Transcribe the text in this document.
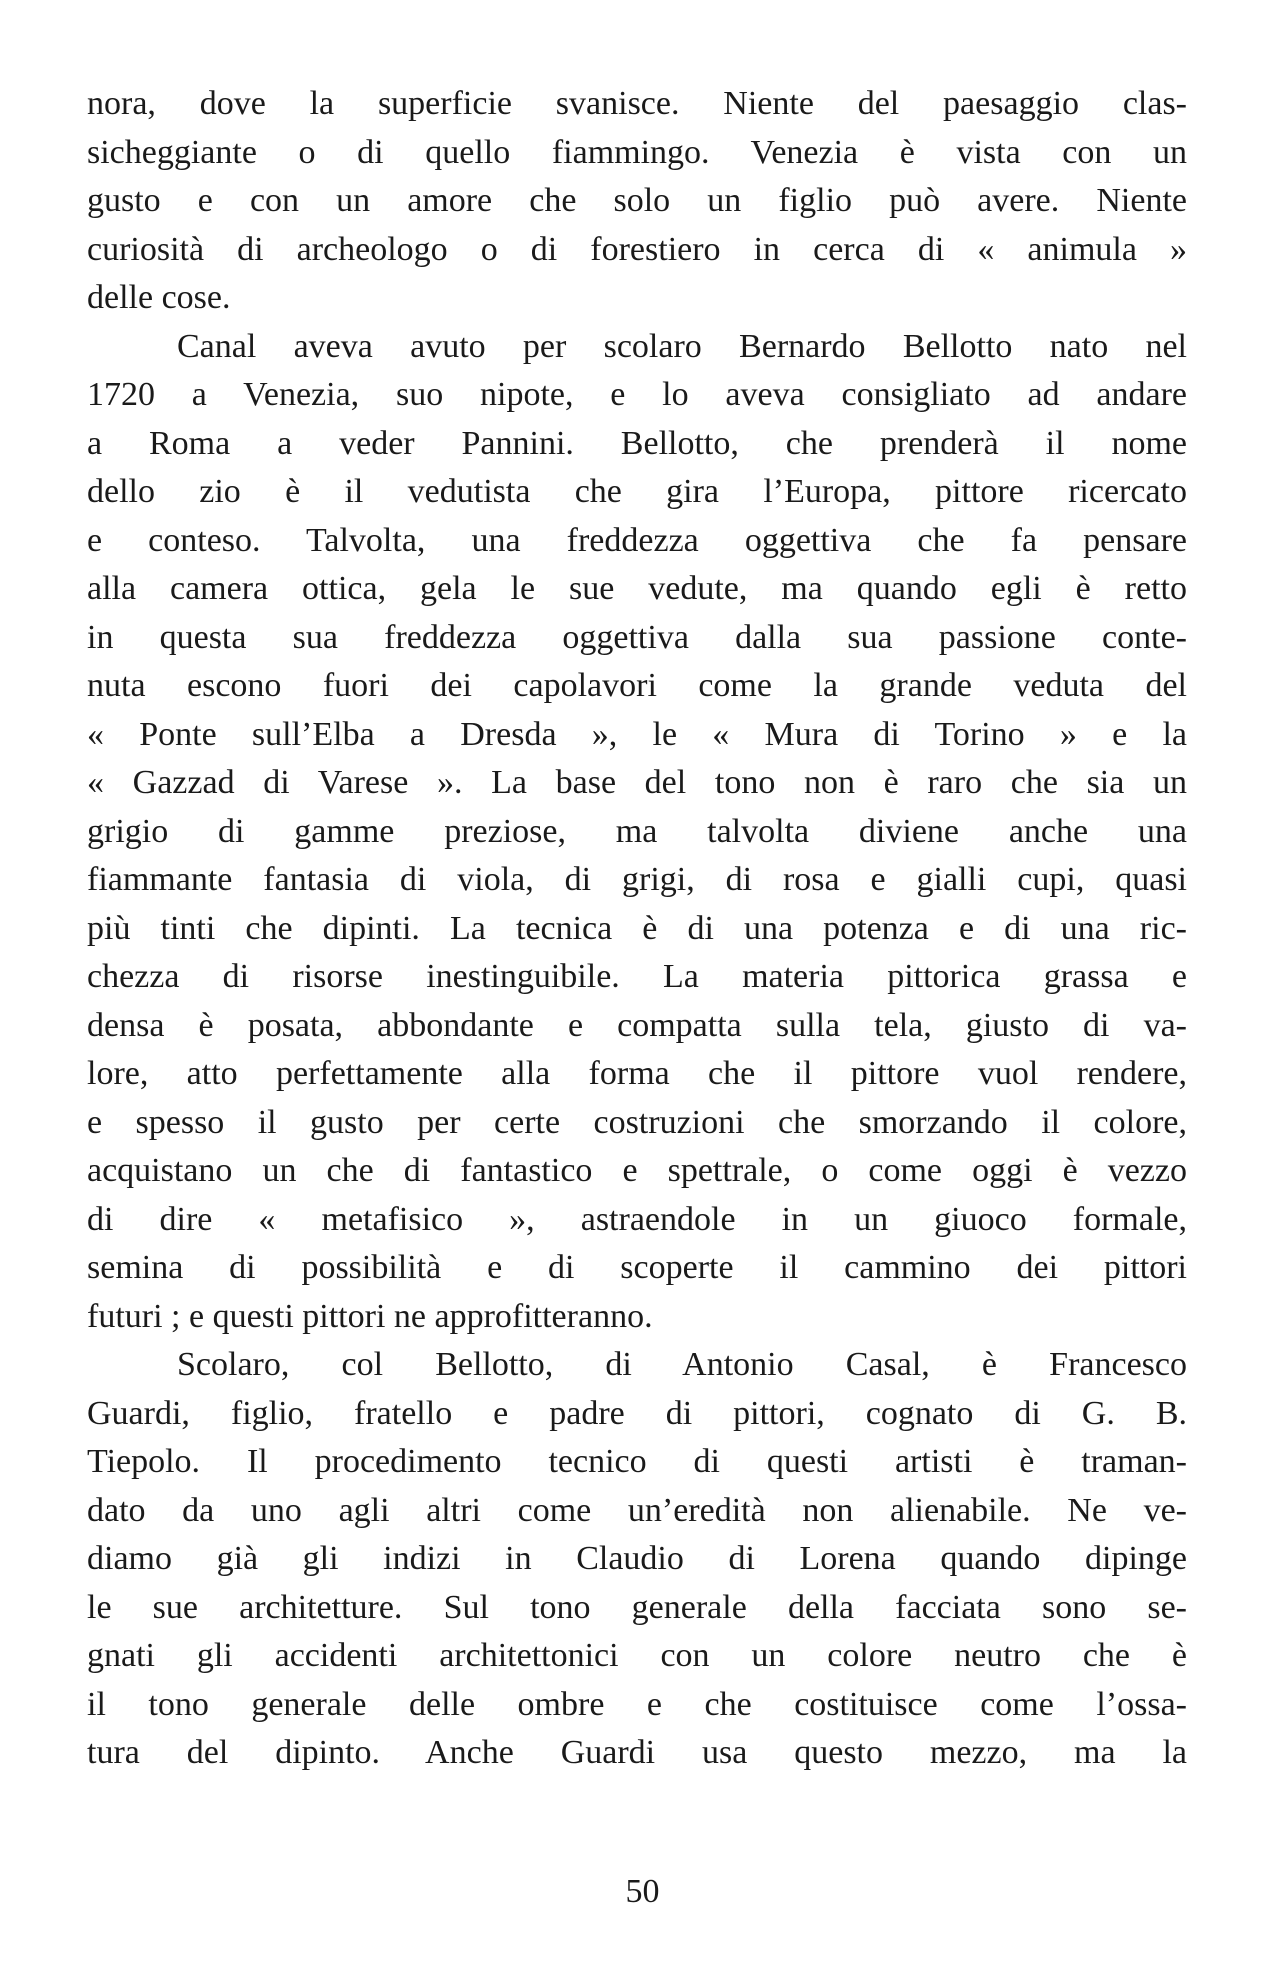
nora, dove la superficie svanisce. Niente del paesaggio clas-
sicheggiante o di quello fiammingo. Venezia è vista con un
gusto e con un amore che solo un figlio può avere. Niente
curiosità di archeologo o di forestiero in cerca di « animula »
delle cose.
Canal aveva avuto per scolaro Bernardo Bellotto nato nel
1720 a Venezia, suo nipote, e lo aveva consigliato ad andare
a Roma a veder Pannini. Bellotto, che prenderà il nome
dello zio è il vedutista che gira l’Europa, pittore ricercato
e conteso. Talvolta, una freddezza oggettiva che fa pensare
alla camera ottica, gela le sue vedute, ma quando egli è retto
in questa sua freddezza oggettiva dalla sua passione conte-
nuta escono fuori dei capolavori come la grande veduta del
« Ponte sull’Elba a Dresda », le « Mura di Torino » e la
« Gazzad di Varese ». La base del tono non è raro che sia un
grigio di gamme preziose, ma talvolta diviene anche una
fiammante fantasia di viola, di grigi, di rosa e gialli cupi, quasi
più tinti che dipinti. La tecnica è di una potenza e di una ric-
chezza di risorse inestinguibile. La materia pittorica grassa e
densa è posata, abbondante e compatta sulla tela, giusto di va-
lore, atto perfettamente alla forma che il pittore vuol rendere,
e spesso il gusto per certe costruzioni che smorzando il colore,
acquistano un che di fantastico e spettrale, o come oggi è vezzo
di dire « metafisico », astraendole in un giuoco formale,
semina di possibilità e di scoperte il cammino dei pittori
futuri ; e questi pittori ne approfitteranno.
Scolaro, col Bellotto, di Antonio Casal, è Francesco
Guardi, figlio, fratello e padre di pittori, cognato di G. B.
Tiepolo. Il procedimento tecnico di questi artisti è traman-
dato da uno agli altri come un’eredità non alienabile. Ne ve-
diamo già gli indizi in Claudio di Lorena quando dipinge
le sue architetture. Sul tono generale della facciata sono se-
gnati gli accidenti architettonici con un colore neutro che è
il tono generale delle ombre e che costituisce come l’ossa-
tura del dipinto. Anche Guardi usa questo mezzo, ma la
50
